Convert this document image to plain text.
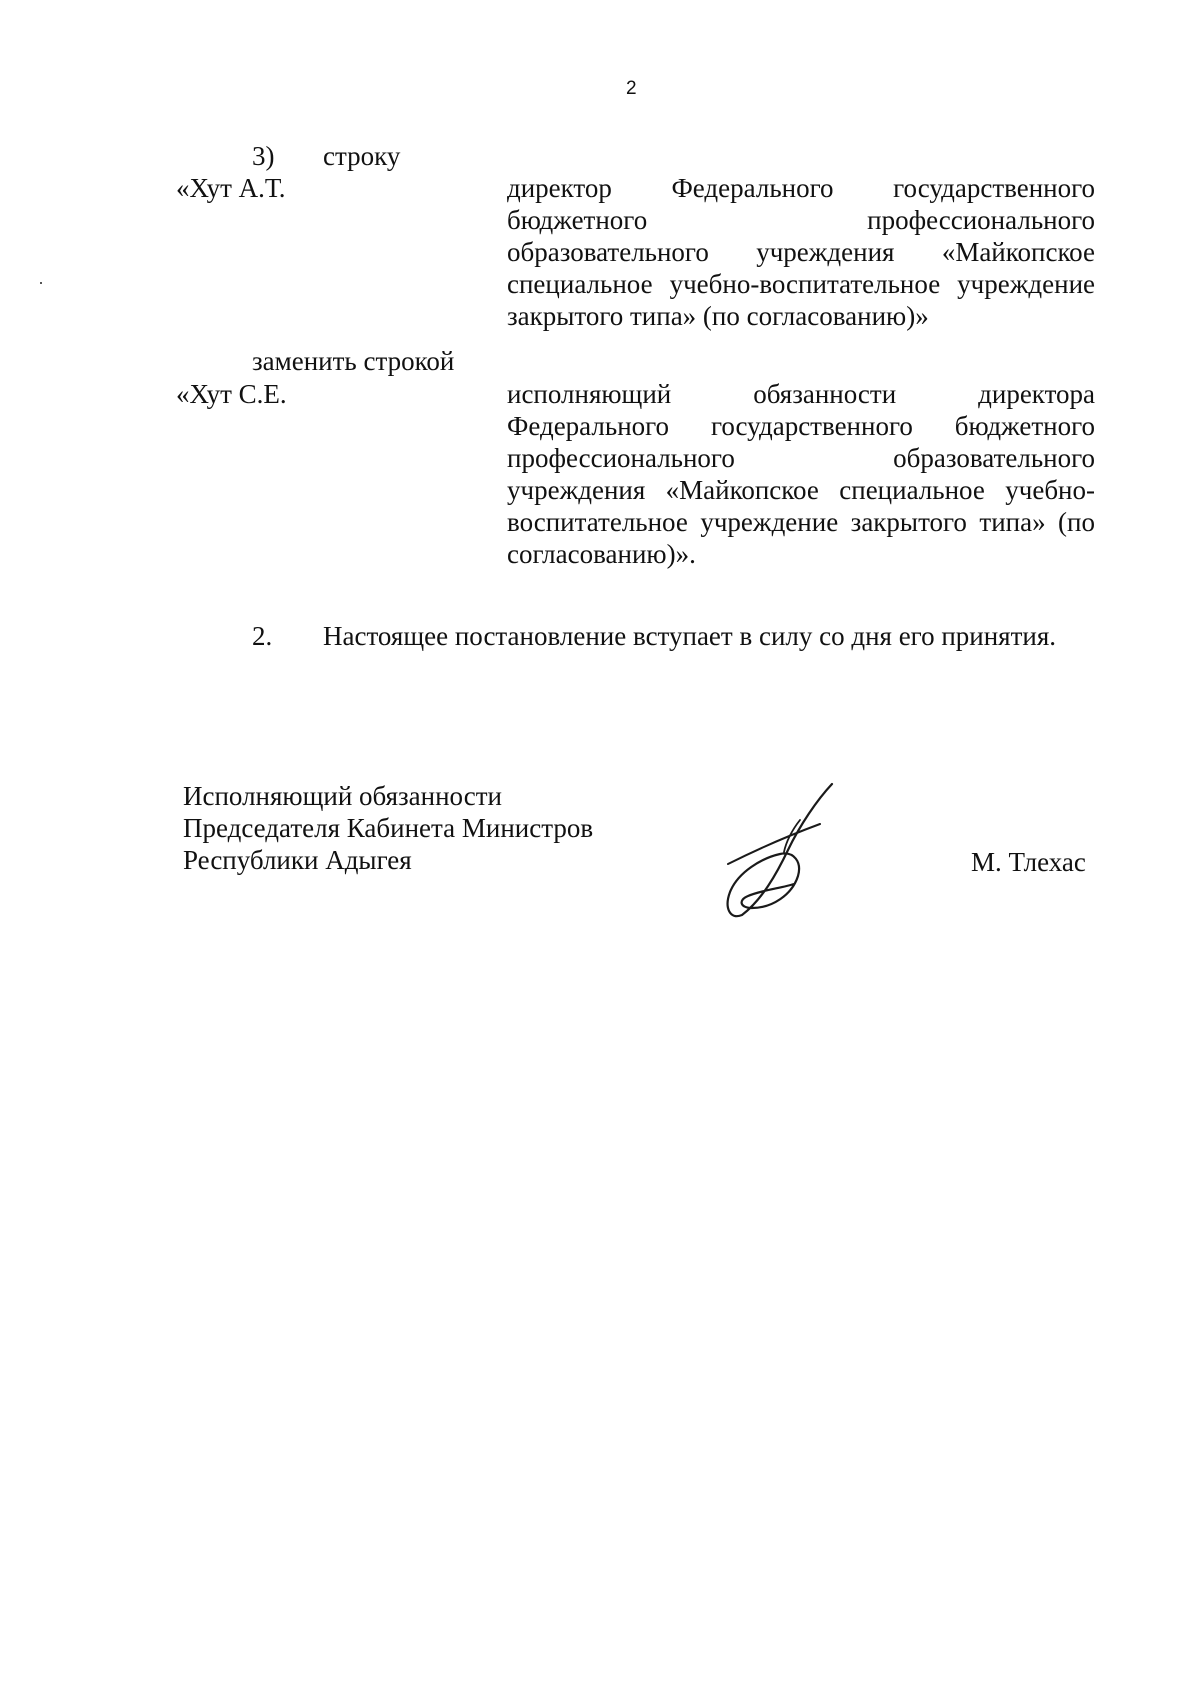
2
3) строку
«Хут А.Т.	директор Федерального государственного
бюджетного профессионального
образовательного учреждения «Майкопское
специальное учебно-воспитательное учреждение
закрытого типа» (по согласованию)»
заменить строкой
«Хут С.Е.	исполняющий обязанности директора
Федерального государственного бюджетного
профессионального образовательного
учреждения «Майкопское специальное учебно-
воспитательное учреждение закрытого типа» (по
согласованию)».
2. Настоящее постановление вступает в силу со дня его принятия.
Исполняющий обязанности
Председателя Кабинета Министров
Республики Адыгея	М. Тлехас
